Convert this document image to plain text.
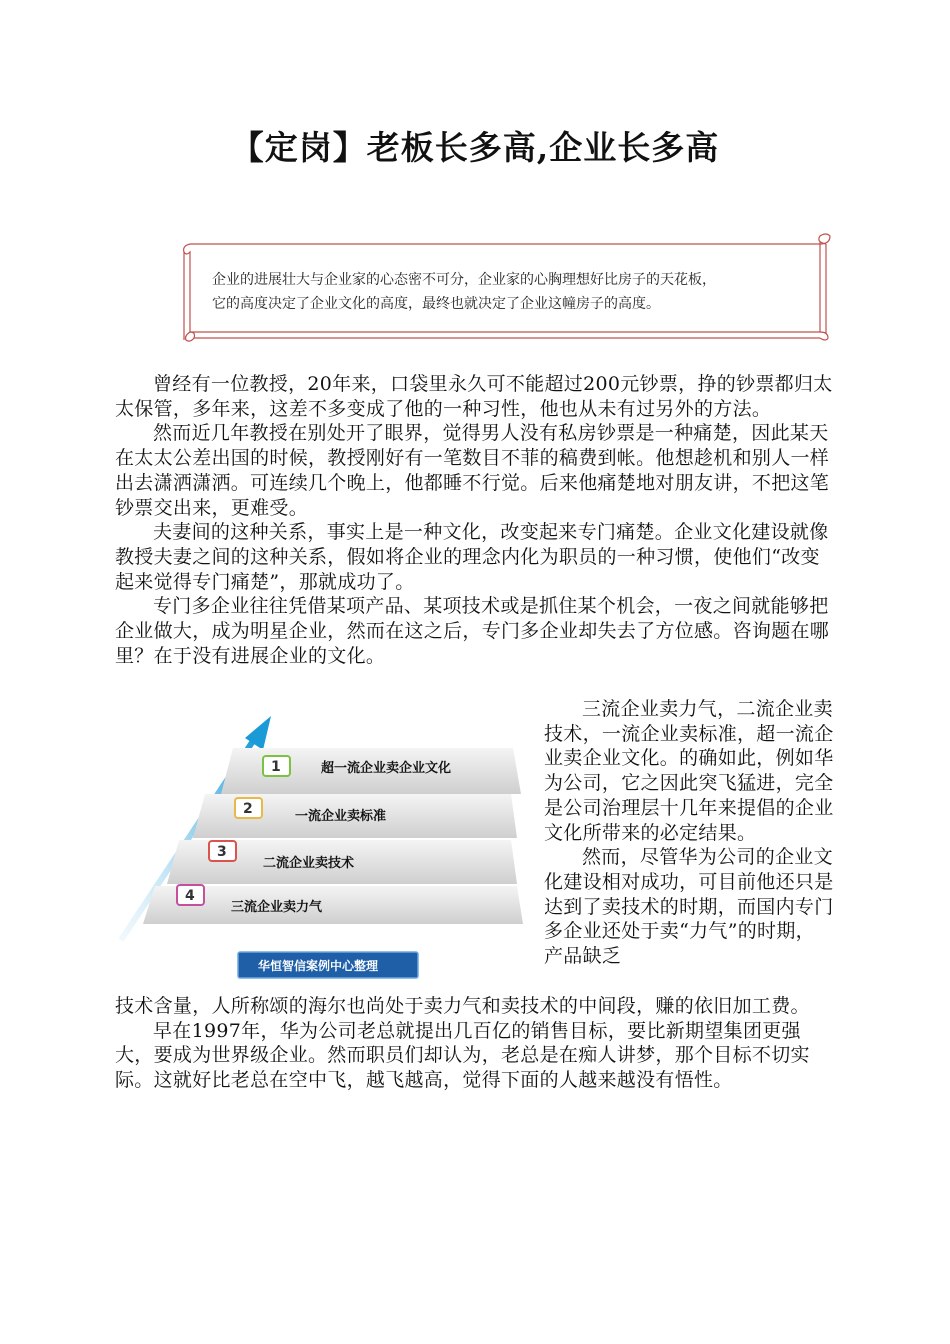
【定岗】老板长多高,企业长多高

企业的进展壮大与企业家的心态密不可分，企业家的心胸理想好比房子的天花板，

它的高度决定了企业文化的高度，最终也就决定了企业这幢房子的高度。

曾经有一位教授，20年来，口袋里永久可不能超过200元钞票，挣的钞票都归太太保管，多年来，这差不多变成了他的一种习性，他也从未有过另外的方法。

然而近几年教授在别处开了眼界，觉得男人没有私房钞票是一种痛楚，因此某天在太太公差出国的时候，教授刚好有一笔数目不菲的稿费到帐。他想趁机和别人一样出去潇洒潇洒。可连续几个晚上，他都睡不行觉。后来他痛楚地对朋友讲，不把这笔钞票交出来，更难受。

夫妻间的这种关系，事实上是一种文化，改变起来专门痛楚。企业文化建设就像教授夫妻之间的这种关系，假如将企业的理念内化为职员的一种习惯，使他们“改变起来觉得专门痛楚”，那就成功了。

专门多企业往往凭借某项产品、某项技术或是抓住某个机会，一夜之间就能够把企业做大，成为明星企业，然而在这之后，专门多企业却失去了方位感。咨询题在哪里？在于没有进展企业的文化。

1	超一流企业卖企业文化
2	一流企业卖标准
3
二流企业卖技术
4
三流企业卖力气
华恒智信案例中心整理

三流企业卖力气，二流企业卖技术，一流企业卖标准，超一流企业卖企业文化。的确如此，例如华为公司，它之因此突飞猛进，完全是公司治理层十几年来提倡的企业文化所带来的必定结果。

然而，尽管华为公司的企业文化建设相对成功，可目前他还只是达到了卖技术的时期，而国内专门多企业还处于卖“力气”的时期，产品缺乏

技术含量，人所称颂的海尔也尚处于卖力气和卖技术的中间段，赚的依旧加工费。

早在1997年，华为公司老总就提出几百亿的销售目标，要比新期望集团更强大，要成为世界级企业。然而职员们却认为，老总是在痴人讲梦，那个目标不切实际。这就好比老总在空中飞，越飞越高，觉得下面的人越来越没有悟性。
